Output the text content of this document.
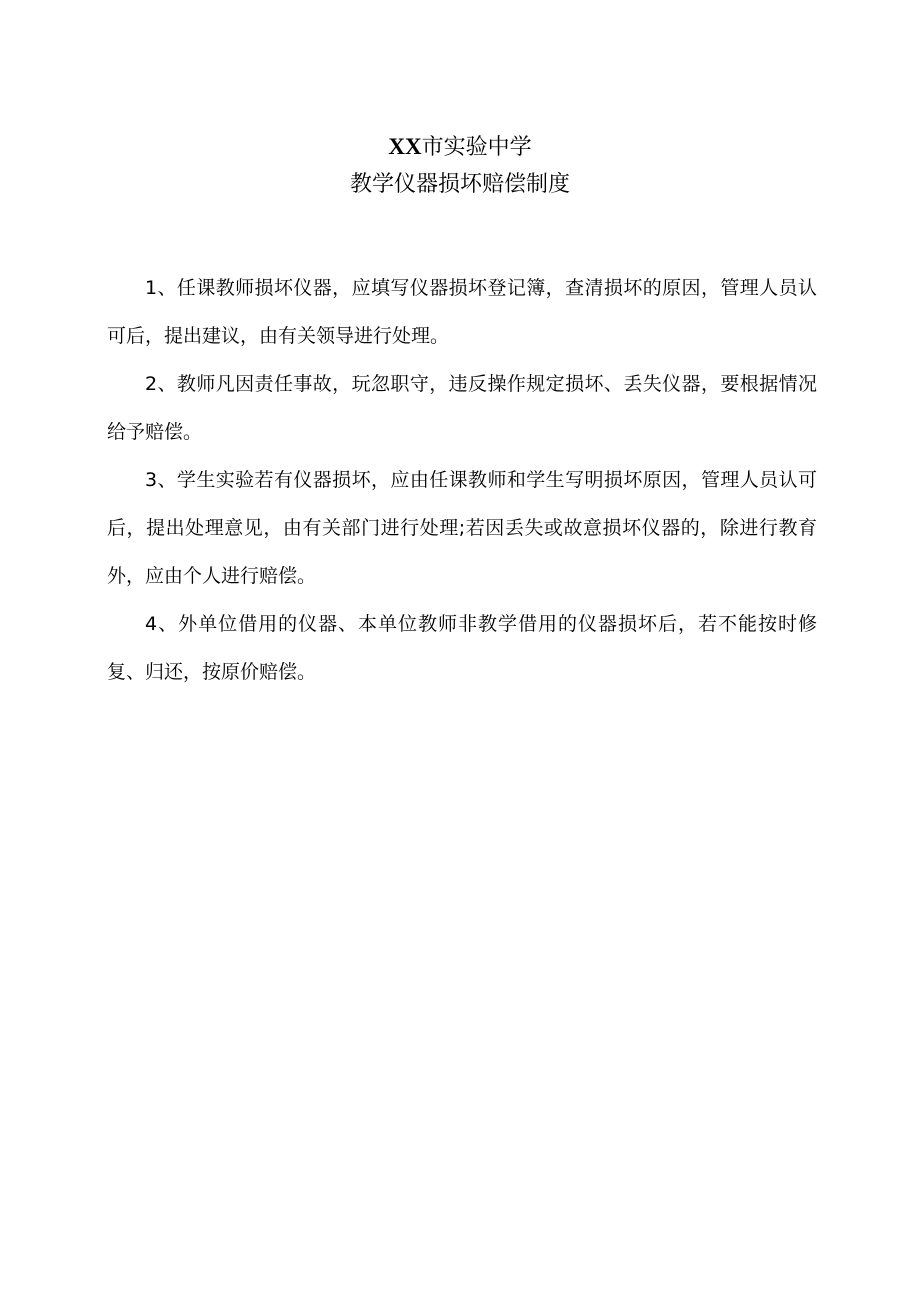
XX市实验中学
教学仪器损坏赔偿制度

1、任课教师损坏仪器，应填写仪器损坏登记簿，查清损坏的原因，管理人员认可后，提出建议，由有关领导进行处理。

2、教师凡因责任事故，玩忽职守，违反操作规定损坏、丢失仪器，要根据情况给予赔偿。

3、学生实验若有仪器损坏，应由任课教师和学生写明损坏原因，管理人员认可后，提出处理意见，由有关部门进行处理;若因丢失或故意损坏仪器的，除进行教育外，应由个人进行赔偿。

4、外单位借用的仪器、本单位教师非教学借用的仪器损坏后，若不能按时修复、归还，按原价赔偿。
